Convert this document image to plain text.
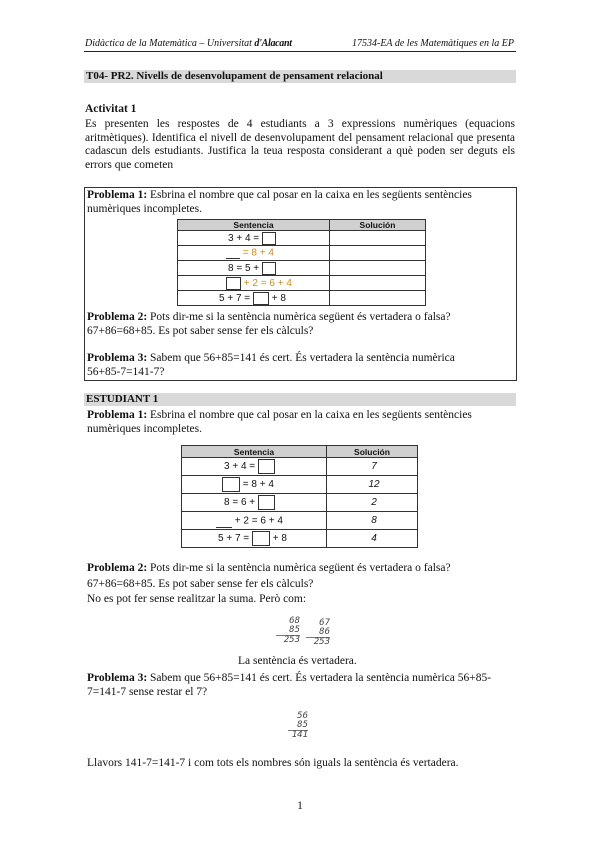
Didàctica de la Matemàtica – Universitat d'Alacant	17534-EA de les Matemàtiques en la EP
T04- PR2. Nivells de desenvolupament de pensament relacional
Activitat 1
Es presenten les respostes de 4 estudiants a 3 expressions numèriques (equacions aritmètiques). Identifica el nivell de desenvolupament del pensament relacional que presenta cadascun dels estudiants. Justifica la teua resposta considerant a què poden ser deguts els errors que cometen
Problema 1: Esbrina el nombre que cal posar en la caixa en les següents sentències numèriques incompletes.
Sentencia	Solución
3 + 4 =	
= 8 + 4	
8 = 5 +	
+ 2 = 6 + 4	
5 + 7 = + 8	
Problema 2: Pots dir-me si la sentència numèrica següent és vertadera o falsa?
67+86=68+85. Es pot saber sense fer els càlculs?
Problema 3: Sabem que 56+85=141 és cert. És vertadera la sentència numèrica
56+85-7=141-7?
ESTUDIANT 1
Problema 1: Esbrina el nombre que cal posar en la caixa en les següents sentències numèriques incompletes.
Sentencia	Solución
3 + 4 =	7
= 8 + 4	12
8 = 6 +	2
+ 2 = 6 + 4	8
5 + 7 = + 8	4
Problema 2: Pots dir-me si la sentència numèrica següent és vertadera o falsa?
67+86=68+85. Es pot saber sense fer els càlculs?
No es pot fer sense realitzar la suma. Però com:
68
85
253
67
86
253
La sentència és vertadera.
Problema 3: Sabem que 56+85=141 és cert. És vertadera la sentència numèrica 56+85-7=141-7 sense restar el 7?
56
85
141
Llavors 141-7=141-7 i com tots els nombres són iguals la sentència és vertadera.
1
